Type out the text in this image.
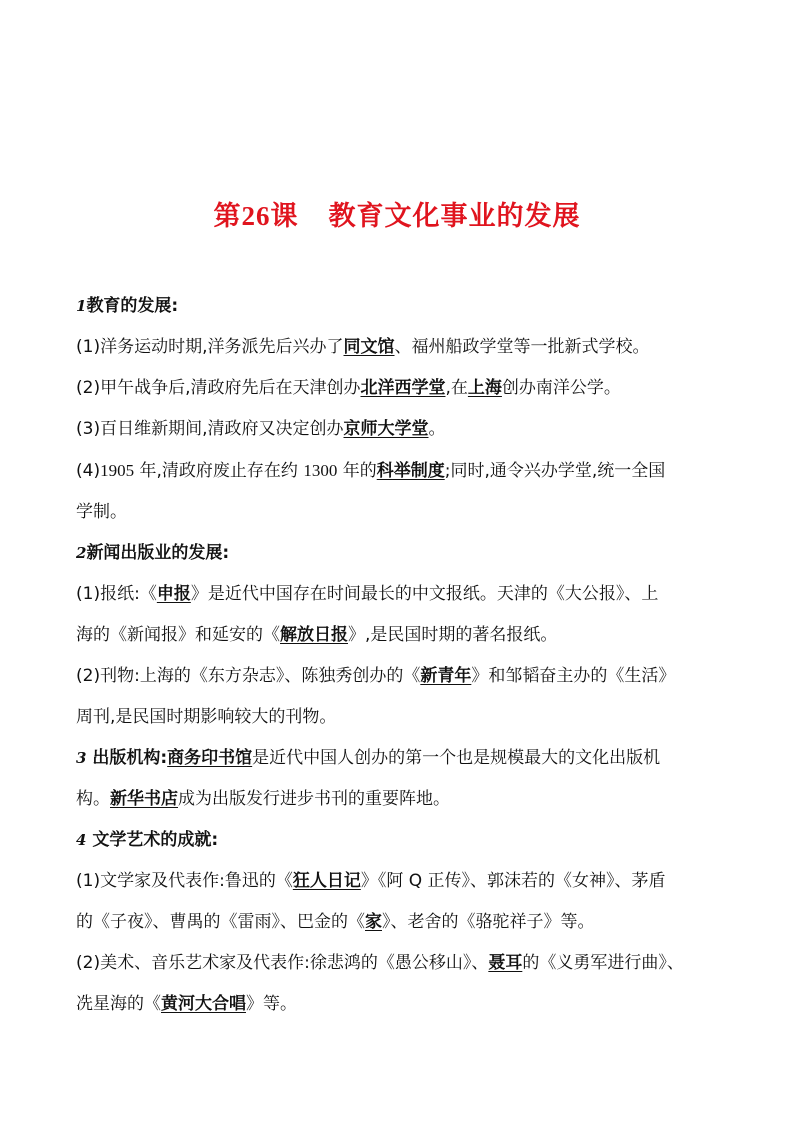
第26课 教育文化事业的发展
1教育的发展:
(1)洋务运动时期,洋务派先后兴办了同文馆、福州船政学堂等一批新式学校。
(2)甲午战争后,清政府先后在天津创办北洋西学堂,在上海创办南洋公学。
(3)百日维新期间,清政府又决定创办京师大学堂。
(4)1905 年,清政府废止存在约 1300 年的科举制度;同时,通令兴办学堂,统一全国
学制。
2新闻出版业的发展:
(1)报纸:《申报》是近代中国存在时间最长的中文报纸。天津的《大公报》、上
海的《新闻报》和延安的《解放日报》,是民国时期的著名报纸。
(2)刊物:上海的《东方杂志》、陈独秀创办的《新青年》和邹韬奋主办的《生活》
周刊,是民国时期影响较大的刊物。
3 出版机构:商务印书馆是近代中国人创办的第一个也是规模最大的文化出版机
构。新华书店成为出版发行进步书刊的重要阵地。
4 文学艺术的成就:
(1)文学家及代表作:鲁迅的《狂人日记》《阿 Q 正传》、郭沫若的《女神》、茅盾
的《子夜》、曹禺的《雷雨》、巴金的《家》、老舍的《骆驼祥子》等。
(2)美术、音乐艺术家及代表作:徐悲鸿的《愚公移山》、聂耳的《义勇军进行曲》、
冼星海的《黄河大合唱》等。
